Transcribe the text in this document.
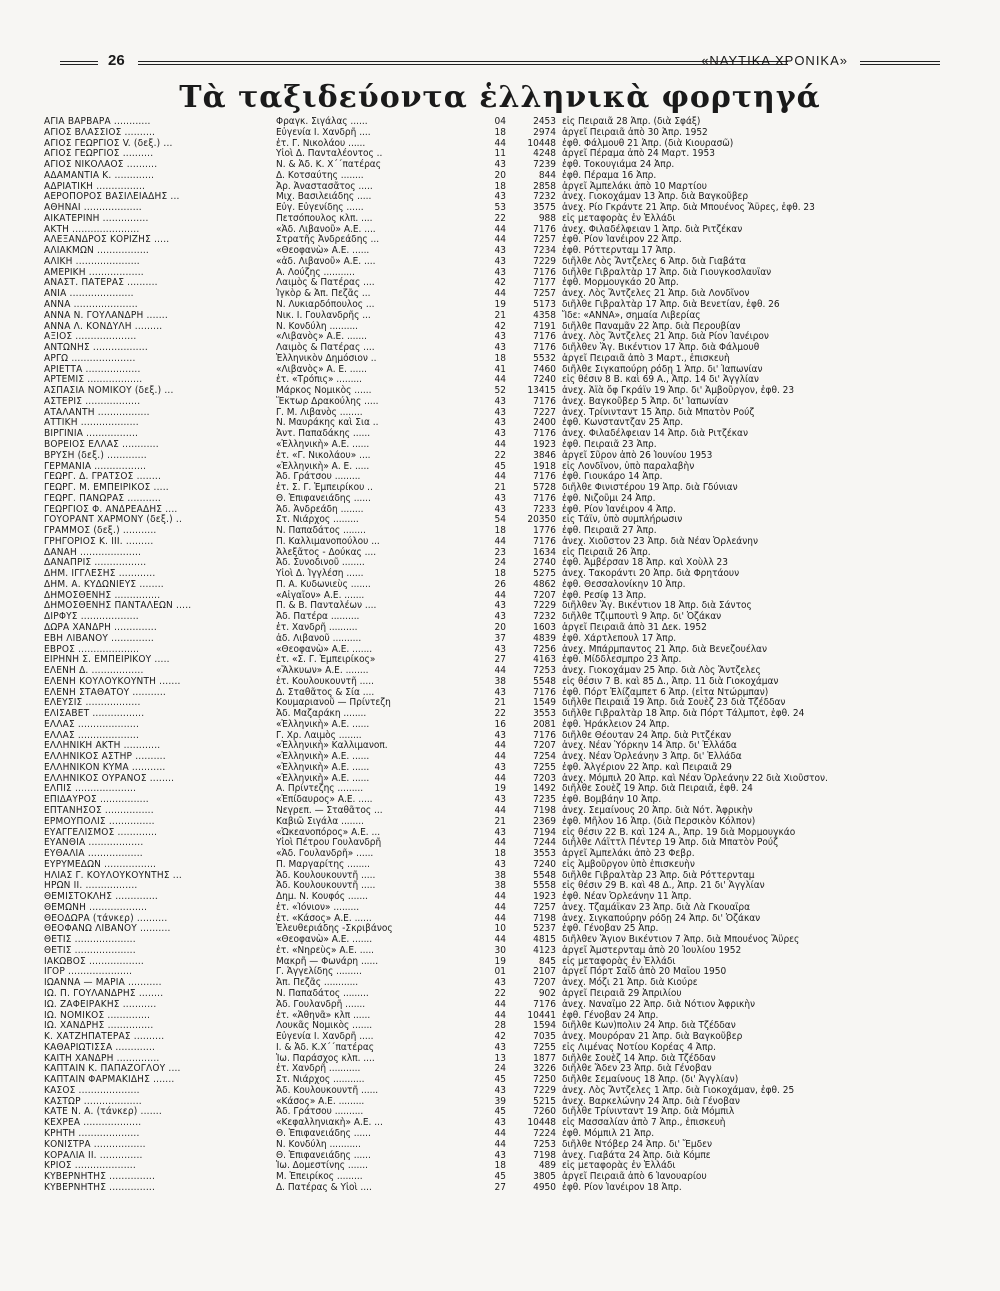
26	«ΝΑΥΤΙΚΑ ΧΡΟΝΙΚΑ»
Τὰ ταξιδεύοντα ἑλληνικὰ φορτηγά
ΑΓΙΑ ΒΑΡΒΑΡΑ ............	Φραγκ. Σιγάλας ......	04	2453 εἰς Πειραιᾶ 28 Ἀπρ. (διὰ Σφάξ)
ΑΓΙΟΣ ΒΛΑΣΣΙΟΣ ..........	Εὐγενία Ι. Χανδρῆ ....	18	2974 ἀργεῖ Πειραιᾶ ἀπὸ 30 Ἀπρ. 1952
ΑΓΙΟΣ ΓΕΩΡΓΙΟΣ V. (δεξ.) ...	ἐτ. Γ. Νικολάου ......	44	10448 ἐφθ. Φάλμουθ 21 Ἀπρ. (διὰ Κιουρασῶ)
ΑΓΙΟΣ ΓΕΩΡΓΙΟΣ ..........	Υἱοὶ Δ. Πανταλέοντος ..	11	4248 ἀργεῖ Πέραμα ἀπὸ 24 Μαρτ. 1953
ΑΓΙΟΣ ΝΙΚΟΛΑΟΣ ..........	Ν. & Ἀδ. Κ. Χ΄΄πατέρας	43	7239 ἐφθ. Τοκουγιάμα 24 Ἀπρ.
ΑΔΑΜΑΝΤΙΑ Κ. .............	Δ. Κοτσαύτης ........	20	844 ἐφθ. Πέραμα 16 Ἀπρ.
ΑΔΡΙΑΤΙΚΗ ................	Ἀρ. Ἀναστασᾶτος .....	18	2858 ἀργεῖ Ἀμπελάκι ἀπὸ 10 Μαρτίου
ΑΕΡΟΠΟΡΟΣ ΒΑΣΙΛΕΙΑΔΗΣ ...	Μιχ. Βασιλειάδης .....	43	7232 ἀνεχ. Γιοκοχάμαν 13 Ἀπρ. διὰ Βαγκοῦβερ
ΑΘΗΝΑΙ ...................	Εὐγ. Εὐγενίδης ......	53	3575 ἀνεχ. Ρίο Γκράντε 21 Ἀπρ. διὰ Μπουένος Ἄϋρες, ἐφθ. 23
ΑΙΚΑΤΕΡΙΝΗ ...............	Πετσόπουλος κλπ. ....	22	988 εἰς μεταφορὰς ἐν Ἑλλάδι
ΑΚΤΗ ......................	«Ἀδ. Λιβανοῦ» Α.Ε. ....	44	7176 ἀνεχ. Φιλαδέλφειαν 1 Ἀπρ. διὰ Ριτζέκαν
ΑΛΕΞΑΝΔΡΟΣ ΚΟΡΙΖΗΣ .....	Στρατῆς Ἀνδρεάδης ...	44	7257 ἐφθ. Ρίον Ἰανέιρον 22 Ἀπρ.
ΑΛΙΑΚΜΩΝ .................	«Θεοφανὼ» Α.Ε. ......	43	7234 ἐφθ. Ρόττερνταμ 17 Ἀπρ.
ΑΛΙΚΗ .....................	«ἀδ. Λιβανοῦ» Α.Ε. ....	43	7229 διῆλθε Λὸς Ἄντζελες 6 Ἀπρ. διὰ Γιαβάτα
ΑΜΕΡΙΚΗ ..................	Α. Λούζης ...........	43	7176 διῆλθε Γιβραλτὰρ 17 Ἀπρ. διὰ Γιουγκοσλαυΐαν
ΑΝΑΣΤ. ΠΑΤΕΡΑΣ ..........	Λαιμὸς & Πατέρας ....	42	7177 ἐφθ. Μορμουγκάο 20 Ἀπρ.
ΑΝΙΑ .....................	Ἰγκὸρ & Ἀπ. Πεζᾶς ...	44	7257 ἀνεχ. Λὸς Ἄντζελες 21 Ἀπρ. διὰ Λονδῖνον
ΑΝΝΑ .....................	Ν. Λυκιαρδόπουλος ...	19	5173 διῆλθε Γιβραλτὰρ 17 Ἀπρ. διὰ Βενετίαν, ἐφθ. 26
ΑΝΝΑ Ν. ΓΟΥΛΑΝΔΡΗ .......	Νικ. Ι. Γουλανδρῆς ...	21	4358 Ἴδε: «ΑΝΝΑ», σημαία Λιβερίας
ΑΝΝΑ Λ. ΚΟΝΔΥΛΗ .........	Ν. Κονδύλη ..........	42	7191 διῆλθε Παναμᾶν 22 Ἀπρ. διὰ Περουβίαν
ΑΞΙΟΣ ....................	«Λιβανὸς» Α.Ε. .......	43	7176 ἀνεχ. Λὸς Ἄντζελες 21 Ἀπρ. διὰ Ρίον Ἰανέιρον
ΑΝΤΩΝΗΣ ..................	Λαιμὸς & Πατέρας ....	43	7176 διῆλθεν Ἅγ. Βικέντιον 17 Ἀπρ. διὰ Φάλμουθ
ΑΡΓΩ .....................	Ἑλληνικὸν Δημόσιον ..	18	5532 ἀργεῖ Πειραιᾶ ἀπὸ 3 Μαρτ., ἐπισκευὴ
ΑΡΙΕΤΤΑ ..................	«Λιβανὸς» Α. Ε. ......	41	7460 διῆλθε Σιγκαπούρη ρόδῃ 1 Ἀπρ. δι' Ἰαπωνίαν
ΑΡΤΕΜΙΣ ..................	ἐτ. «Τρόπις» .........	44	7240 εἰς θέσιν 8 Β. καὶ 69 Α., Ἀπρ. 14 δι' Ἀγγλίαν
ΑΣΠΑΣΙΑ ΝΟΜΙΚΟΥ (δεξ.) ...	Μάρκος Νομικὸς ......	52	13415 ἀνεχ. Ἀϊὰ ὄφ Γκράϊν 19 Ἀπρ. δι' Ἀμβοῦργον, ἐφθ. 23
ΑΣΤΕΡΙΣ ..................	Ἕκτωρ Δρακούλης .....	43	7176 ἀνεχ. Βαγκοῦβερ 5 Ἀπρ. δι' Ἰαπωνίαν
ΑΤΑΛΑΝΤΗ .................	Γ. Μ. Λιβανὸς ........	43	7227 ἀνεχ. Τρίνινταντ 15 Ἀπρ. διὰ Μπατὸν Ρούζ
ΑΤΤΙΚΗ ...................	Ν. Μαυράκης καὶ Σια ..	43	2400 ἐφθ. Κωνσταντζαν 25 Ἀπρ.
ΒΙΡΓΙΝΙΑ .................	Ἀντ. Παπαδάκης ......	43	7176 ἀνεχ. Φιλαδέλφειαν 14 Ἀπρ. διὰ Ριτζέκαν
ΒΟΡΕΙΟΣ ΕΛΛΑΣ ............	«Ἑλληνικὴ» Α.Ε. ......	44	1923 ἐφθ. Πειραιᾶ 23 Ἀπρ.
ΒΡΥΣΗ (δεξ.) .............	ἐτ. «Γ. Νικολάου» ....	22	3846 ἀργεῖ Σῦρον ἀπὸ 26 Ἰουνίου 1953
ΓΕΡΜΑΝΙΑ .................	«Ἑλληνικὴ» Α. Ε. .....	45	1918 εἰς Λονδῖνον, ὑπὸ παραλαβὴν
ΓΕΩΡΓ. Δ. ΓΡΑΤΣΟΣ ........	Ἀδ. Γράτσου .........	44	7176 ἐφθ. Γιουκάρο 14 Ἀπρ.
ΓΕΩΡΓ. Μ. ΕΜΠΕΙΡΙΚΟΣ .....	ἐτ. Σ. Γ. Ἐμπειρίκου ..	21	5728 διῆλθε Φινιστέρου 19 Ἀπρ. διὰ Γδύνιαν
ΓΕΩΡΓ. ΠΑΝΩΡΑΣ ...........	Θ. Ἐπιφανειάδης ......	43	7176 ἐφθ. Νιζοῦμι 24 Ἀπρ.
ΓΕΩΡΓΙΟΣ Φ. ΑΝΔΡΕΑΔΗΣ ....	Ἀδ. Ἀνδρεάδη ........	43	7233 ἐφθ. Ρίον Ἰανέιρον 4 Ἀπρ.
ΓΟΥΟΡΑΝΤ ΧΑΡΜΟΝΥ (δεξ.) ..	Στ. Νιάρχος .........	54	20350 εἰς Τάϊν, ὑπὸ συμπλήρωσιν
ΓΡΑΜΜΟΣ (δεξ.) ...........	Ν. Παπαδάτος ........	18	1776 ἐφθ. Πειραιᾶ 27 Ἀπρ.
ΓΡΗΓΟΡΙΟΣ Κ. ΙΙΙ. .........	Π. Καλλιμανοπούλου ...	44	7176 ἀνεχ. Χιοῦστον 23 Ἀπρ. διὰ Νέαν Ὀρλεάνην
ΔΑΝΑΗ ....................	Ἀλεξᾶτος - Δούκας ....	23	1634 εἰς Πειραιᾶ 26 Ἀπρ.
ΔΑΝΑΠΡΙΣ .................	Ἀδ. Συνοδινοῦ ........	24	2740 ἐφθ. Ἀμβέρσαν 18 Ἀπρ. καὶ Χοὺλλ 23
ΔΗΜ. ΙΓΓΛΕΣΗΣ ............	Υἱοὶ Δ. Ἰγγλέση ......	18	5275 ἀνεχ. Τακοράντι 20 Ἀπρ. διὰ Φρητάουν
ΔΗΜ. Α. ΚΥΔΩΝΙΕΥΣ ........	Π. Α. Κυδωνιεὺς .......	26	4862 ἐφθ. Θεσσαλονίκην 10 Ἀπρ.
ΔΗΜΟΣΘΕΝΗΣ ...............	«Αἰγαῖον» Α.Ε. .......	44	7207 ἐφθ. Ρεσίφ 13 Ἀπρ.
ΔΗΜΟΣΘΕΝΗΣ ΠΑΝΤΑΛΕΩΝ .....	Π. & Β. Πανταλέων ....	43	7229 διῆλθεν Ἅγ. Βικέντιον 18 Ἀπρ. διὰ Σάντος
ΔΙΡΦΥΣ ...................	Ἀδ. Πατέρα ..........	43	7232 διῆλθε Τζιμπουτὶ 9 Ἀπρ. δι' Ὀζάκαν
ΔΩΡΑ ΧΑΝΔΡΗ ..............	ἐτ. Χανδρῆ ..........	20	1603 ἀργεῖ Πειραιᾶ ἀπὸ 31 Δεκ. 1952
ΕΒΗ ΛΙΒΑΝΟΥ ..............	ἀδ. Λιβανοῦ ..........	37	4839 ἐφθ. Χάρτλεπουλ 17 Ἀπρ.
ΕΒΡΟΣ ....................	«Θεοφανὼ» Α.Ε. .......	43	7256 ἀνεχ. Μπάρμπαντος 21 Ἀπρ. διὰ Βενεζουέλαν
ΕΙΡΗΝΗ Σ. ΕΜΠΕΙΡΙΚΟΥ .....	ἐτ. «Σ. Γ. Ἐμπειρίκος»	27	4163 ἐφθ. Μίδδλεσμπρο 23 Ἀπρ.
ΕΛΕΝΗ Δ. .................	«Ἄλκυων» Α.Ε. ........	44	7253 ἀνεχ. Γιοκοχάμαν 25 Ἀπρ. διὰ Λὸς Ἄντζελες
ΕΛΕΝΗ ΚΟΥΛΟΥΚΟΥΝΤΗ .......	ἐτ. Κουλουκουντῆ .....	38	5548 εἰς θέσιν 7 Β. καὶ 85 Δ., Ἀπρ. 11 διὰ Γιοκοχάμαν
ΕΛΕΝΗ ΣΤΑΘΑΤΟΥ ...........	Δ. Σταθᾶτος & Σία ....	43	7176 ἐφθ. Πόρτ Ἐλίζαμπετ 6 Ἀπρ. (εἶτα Ντώρμπαν)
ΕΛΕΥΣΙΣ ..................	Κουμαριανοῦ — Πρίντεζη	21	1549 διῆλθε Πειραιᾶ 19 Ἀπρ. διὰ Σουὲζ 23 διὰ Τζέδδαν
ΕΛΙΣΑΒΕΤ .................	Ἀδ. Μαζαράκη ........	22	3553 διῆλθε Γιβραλτὰρ 18 Ἀπρ. διὰ Πόρτ Τάλμποτ, ἐφθ. 24
ΕΛΛΑΣ ....................	«Ἑλληνικὴ» Α.Ε. ......	16	2081 ἐφθ. Ἡράκλειον 24 Ἀπρ.
ΕΛΛΑΣ ....................	Γ. Χρ. Λαιμὸς ........	43	7176 διῆλθε Θέουταν 24 Ἀπρ. διὰ Ριτζέκαν
ΕΛΛΗΝΙΚΗ ΑΚΤΗ ............	«Ἑλληνικὴ» Καλλιμανοπ.	44	7207 ἀνεχ. Νέαν Ὑόρκην 14 Ἀπρ. δι' Ἑλλάδα
ΕΛΛΗΝΙΚΟΣ ΑΣΤΗΡ ..........	«Ἑλληνικὴ» Α.Ε. ......	44	7254 ἀνεχ. Νέαν Ὀρλεάνην 3 Ἀπρ. δι' Ἑλλάδα
ΕΛΛΗΝΙΚΟΝ ΚΥΜΑ ...........	«Ἑλληνικὴ» Α.Ε. ......	43	7255 ἐφθ. Ἀλγέριον 22 Ἀπρ. καὶ Πειραιᾶ 29
ΕΛΛΗΝΙΚΟΣ ΟΥΡΑΝΟΣ ........	«Ἑλληνικὴ» Α.Ε. ......	44	7203 ἀνεχ. Μόμπιλ 20 Ἀπρ. καὶ Νέαν Ὀρλεάνην 22 διὰ Χιοῦστον.
ΕΛΠΙΣ ....................	Α. Πρίντεζης .........	19	1492 διῆλθε Σουὲζ 19 Ἀπρ. διὰ Πειραιᾶ, ἐφθ. 24
ΕΠΙΔΑΥΡΟΣ ................	«Ἐπίδαυρος» Α.Ε. .....	43	7235 ἐφθ. Βομβάην 10 Ἀπρ.
ΕΠΤΑΝΗΣΟΣ ................	Νεγρεπ. — Σταθᾶτος ...	44	7198 ἀνεχ. Σεμαίνους 20 Ἀπρ. διὰ Νότ. Ἀφρικὴν
ΕΡΜΟΥΠΟΛΙΣ ...............	Καβιῶ Σιγάλα ........	21	2369 ἐφθ. Μῆλον 16 Ἀπρ. (διὰ Περσικὸν Κόλπον)
ΕΥΑΓΓΕΛΙΣΜΟΣ .............	«Ὠκεανοπόρος» Α.Ε. ...	43	7194 εἰς θέσιν 22 Β. καὶ 124 Α., Ἀπρ. 19 διὰ Μορμουγκάο
ΕΥΑΝΘΙΑ ..................	Υἱοὶ Πέτρου Γουλανδρῆ	44	7244 διῆλθε Λάϊττλ Πέντερ 19 Ἀπρ. διὰ Μπατὸν Ρούζ
ΕΥΘΑΛΙΑ ..................	«Ἀδ. Γουλανδρῆ» ......	18	3553 ἀργεῖ Ἀμπελάκι ἀπὸ 23 Φεβρ.
ΕΥΡΥΜΕΔΩΝ .................	Π. Μαργαρίτης ........	43	7240 εἰς Ἀμβοῦργον ὑπὸ ἐπισκευὴν
ΗΛΙΑΣ Γ. ΚΟΥΛΟΥΚΟΥΝΤΗΣ ...	Ἀδ. Κουλουκουντῆ .....	38	5548 διῆλθε Γιβραλτὰρ 23 Ἀπρ. διὰ Ρόττερνταμ
ΗΡΩΝ ΙΙ. .................	Ἀδ. Κουλουκουντῆ .....	38	5558 εἰς θέσιν 29 Β. καὶ 48 Δ., Ἀπρ. 21 δι' Ἀγγλίαν
ΘΕΜΙΣΤΟΚΛΗΣ ..............	Δημ. Ν. Κουφός .......	44	1923 ἐφθ. Νέαν Ὀρλεάνην 11 Ἀπρ.
ΘΕΜΩΝΗ ...................	ἐτ. «Ἰόνιον» .........	44	7257 ἀνεχ. Τζαμάϊκαν 23 Ἀπρ. διὰ Λὰ Γκουαΐρα
ΘΕΟΔΩΡΑ (τάνκερ) ..........	ἐτ. «Κάσος» Α.Ε. ......	44	7198 ἀνεχ. Σιγκαπούρην ρόδῃ 24 Ἀπρ. δι' Ὀζάκαν
ΘΕΟΦΑΝΩ ΛΙΒΑΝΟΥ ..........	Ἐλευθεριάδης -Σκριβάνος	10	5237 ἐφθ. Γένοβαν 25 Ἀπρ.
ΘΕΤΙΣ ....................	«Θεοφανὼ» Α.Ε. .......	44	4815 διῆλθεν Ἅγιον Βικέντιον 7 Ἀπρ. διὰ Μπουένος Ἄϋρες
ΘΕΤΙΣ ....................	ἐτ. «Νηρεὺς» Α.Ε. .....	30	4123 ἀργεῖ Ἀμστερνταμ ἀπὸ 20 Ἰουλίου 1952
ΙΑΚΩΒΟΣ ..................	Μακρῆ — Φωνάρη ......	19	845 εἰς μεταφορὰς ἐν Ἑλλάδι
ΙΓΟΡ .....................	Γ. Ἀγγελίδης .........	01	2107 ἀργεῖ Πόρτ Σαΐδ ἀπὸ 20 Μαΐου 1950
ΙΩΑΝΝΑ — ΜΑΡΙΑ ...........	Ἀπ. Πεζᾶς ............	43	7207 ἀνεχ. Μόζι 21 Ἀπρ. διὰ Κιούρε
ΙΩ. Π. ΓΟΥΛΑΝΔΡΗΣ ........	Ν. Παπαδάτος .........	22	902 ἀργεῖ Πειραιᾶ 29 Ἀπριλίου
ΙΩ. ΖΑΦΕΙΡΑΚΗΣ ...........	Ἀδ. Γουλανδρῆ .......	44	7176 ἀνεχ. Ναναΐμο 22 Ἀπρ. διὰ Νότιον Ἀφρικὴν
ΙΩ. ΝΟΜΙΚΟΣ ..............	ἐτ. «Ἀθηνᾶ» κλπ ......	44	10441 ἐφθ. Γένοβαν 24 Ἀπρ.
ΙΩ. ΧΑΝΔΡΗΣ ...............	Λουκᾶς Νομικὸς .......	28	1594 διῆλθε Κων)πολιν 24 Ἀπρ. διὰ Τζέδδαν
Κ. ΧΑΤΖΗΠΑΤΕΡΑΣ ..........	Εὐγενία Ι. Χανδρῆ .....	42	7035 ἀνεχ. Μουρόραν 21 Ἀπρ. διὰ Βαγκοῦβερ
ΚΑΘΑΡΙΩΤΙΣΣΑ .............	Ι. & Ἀδ. Κ.Χ΄΄πατέρας	43	7255 εἰς Λιμένας Νοτίου Κορέας 4 Ἀπρ.
ΚΑΙΤΗ ΧΑΝΔΡΗ ..............	Ἰω. Παράσχος κλπ. ....	13	1877 διῆλθε Σουὲζ 14 Ἀπρ. διὰ Τζέδδαν
ΚΑΠΤΑΙΝ Κ. ΠΑΠΑΖΟΓΛΟΥ ....	ἐτ. Χανδρῆ ...........	24	3226 διῆλθε Ἄδεν 23 Ἀπρ. διὰ Γένοβαν
ΚΑΠΤΑΙΝ ΦΑΡΜΑΚΙΔΗΣ .......	Στ. Νιάρχος ...........	45	7250 διῆλθε Σεμαίνους 18 Ἀπρ. (δι' Ἀγγλίαν)
ΚΑΣΟΣ ....................	Ἀδ. Κουλουκουντῆ ......	43	7229 ἀνεχ. Λὸς Ἄντζελες 1 Ἀπρ. διὰ Γιοκοχάμαν, ἐφθ. 25
ΚΑΣΤΩΡ ...................	«Κάσος» Α.Ε. .........	39	5215 ἀνεχ. Βαρκελώνην 24 Ἀπρ. διὰ Γένοβαν
ΚΑΤΕ Ν. Α. (τάνκερ) .......	Ἀδ. Γράτσου ..........	45	7260 διῆλθε Τρίνινταντ 19 Ἀπρ. διὰ Μόμπιλ
ΚΕΧΡΕΑ ...................	«Κεφαλληνιακὴ» Α.Ε. ...	43	10448 εἰς Μασσαλίαν ἀπὸ 7 Ἀπρ., ἐπισκευὴ
ΚΡΗΤΗ ....................	Θ. Ἐπιφανειάδης ......	44	7224 ἐφθ. Μόμπιλ 21 Ἀπρ.
ΚΟΝΙΣΤΡΑ .................	Ν. Κονδύλη ...........	44	7253 διῆλθε Ντόβερ 24 Ἀπρ. δι' Ἔμδεν
ΚΟΡΑΛΙΑ ΙΙ. ..............	Θ. Ἐπιφανειάδης ......	43	7198 ἀνεχ. Γιαβάτα 24 Ἀπρ. διὰ Κόμπε
ΚΡΙΟΣ ....................	Ἰω. Δομεστίνης .......	18	489 εἰς μεταφορὰς ἐν Ἑλλάδι
ΚΥΒΕΡΝΗΤΗΣ ...............	Μ. Ἐπειρίκος .........	45	3805 ἀργεῖ Πειραιᾶ ἀπὸ 6 Ἰανουαρίου
ΚΥΒΕΡΝΗΤΗΣ ...............	Δ. Πατέρας & Υἱοὶ ....	27	4950 ἐφθ. Ρίον Ἰανέιρον 18 Ἀπρ.
